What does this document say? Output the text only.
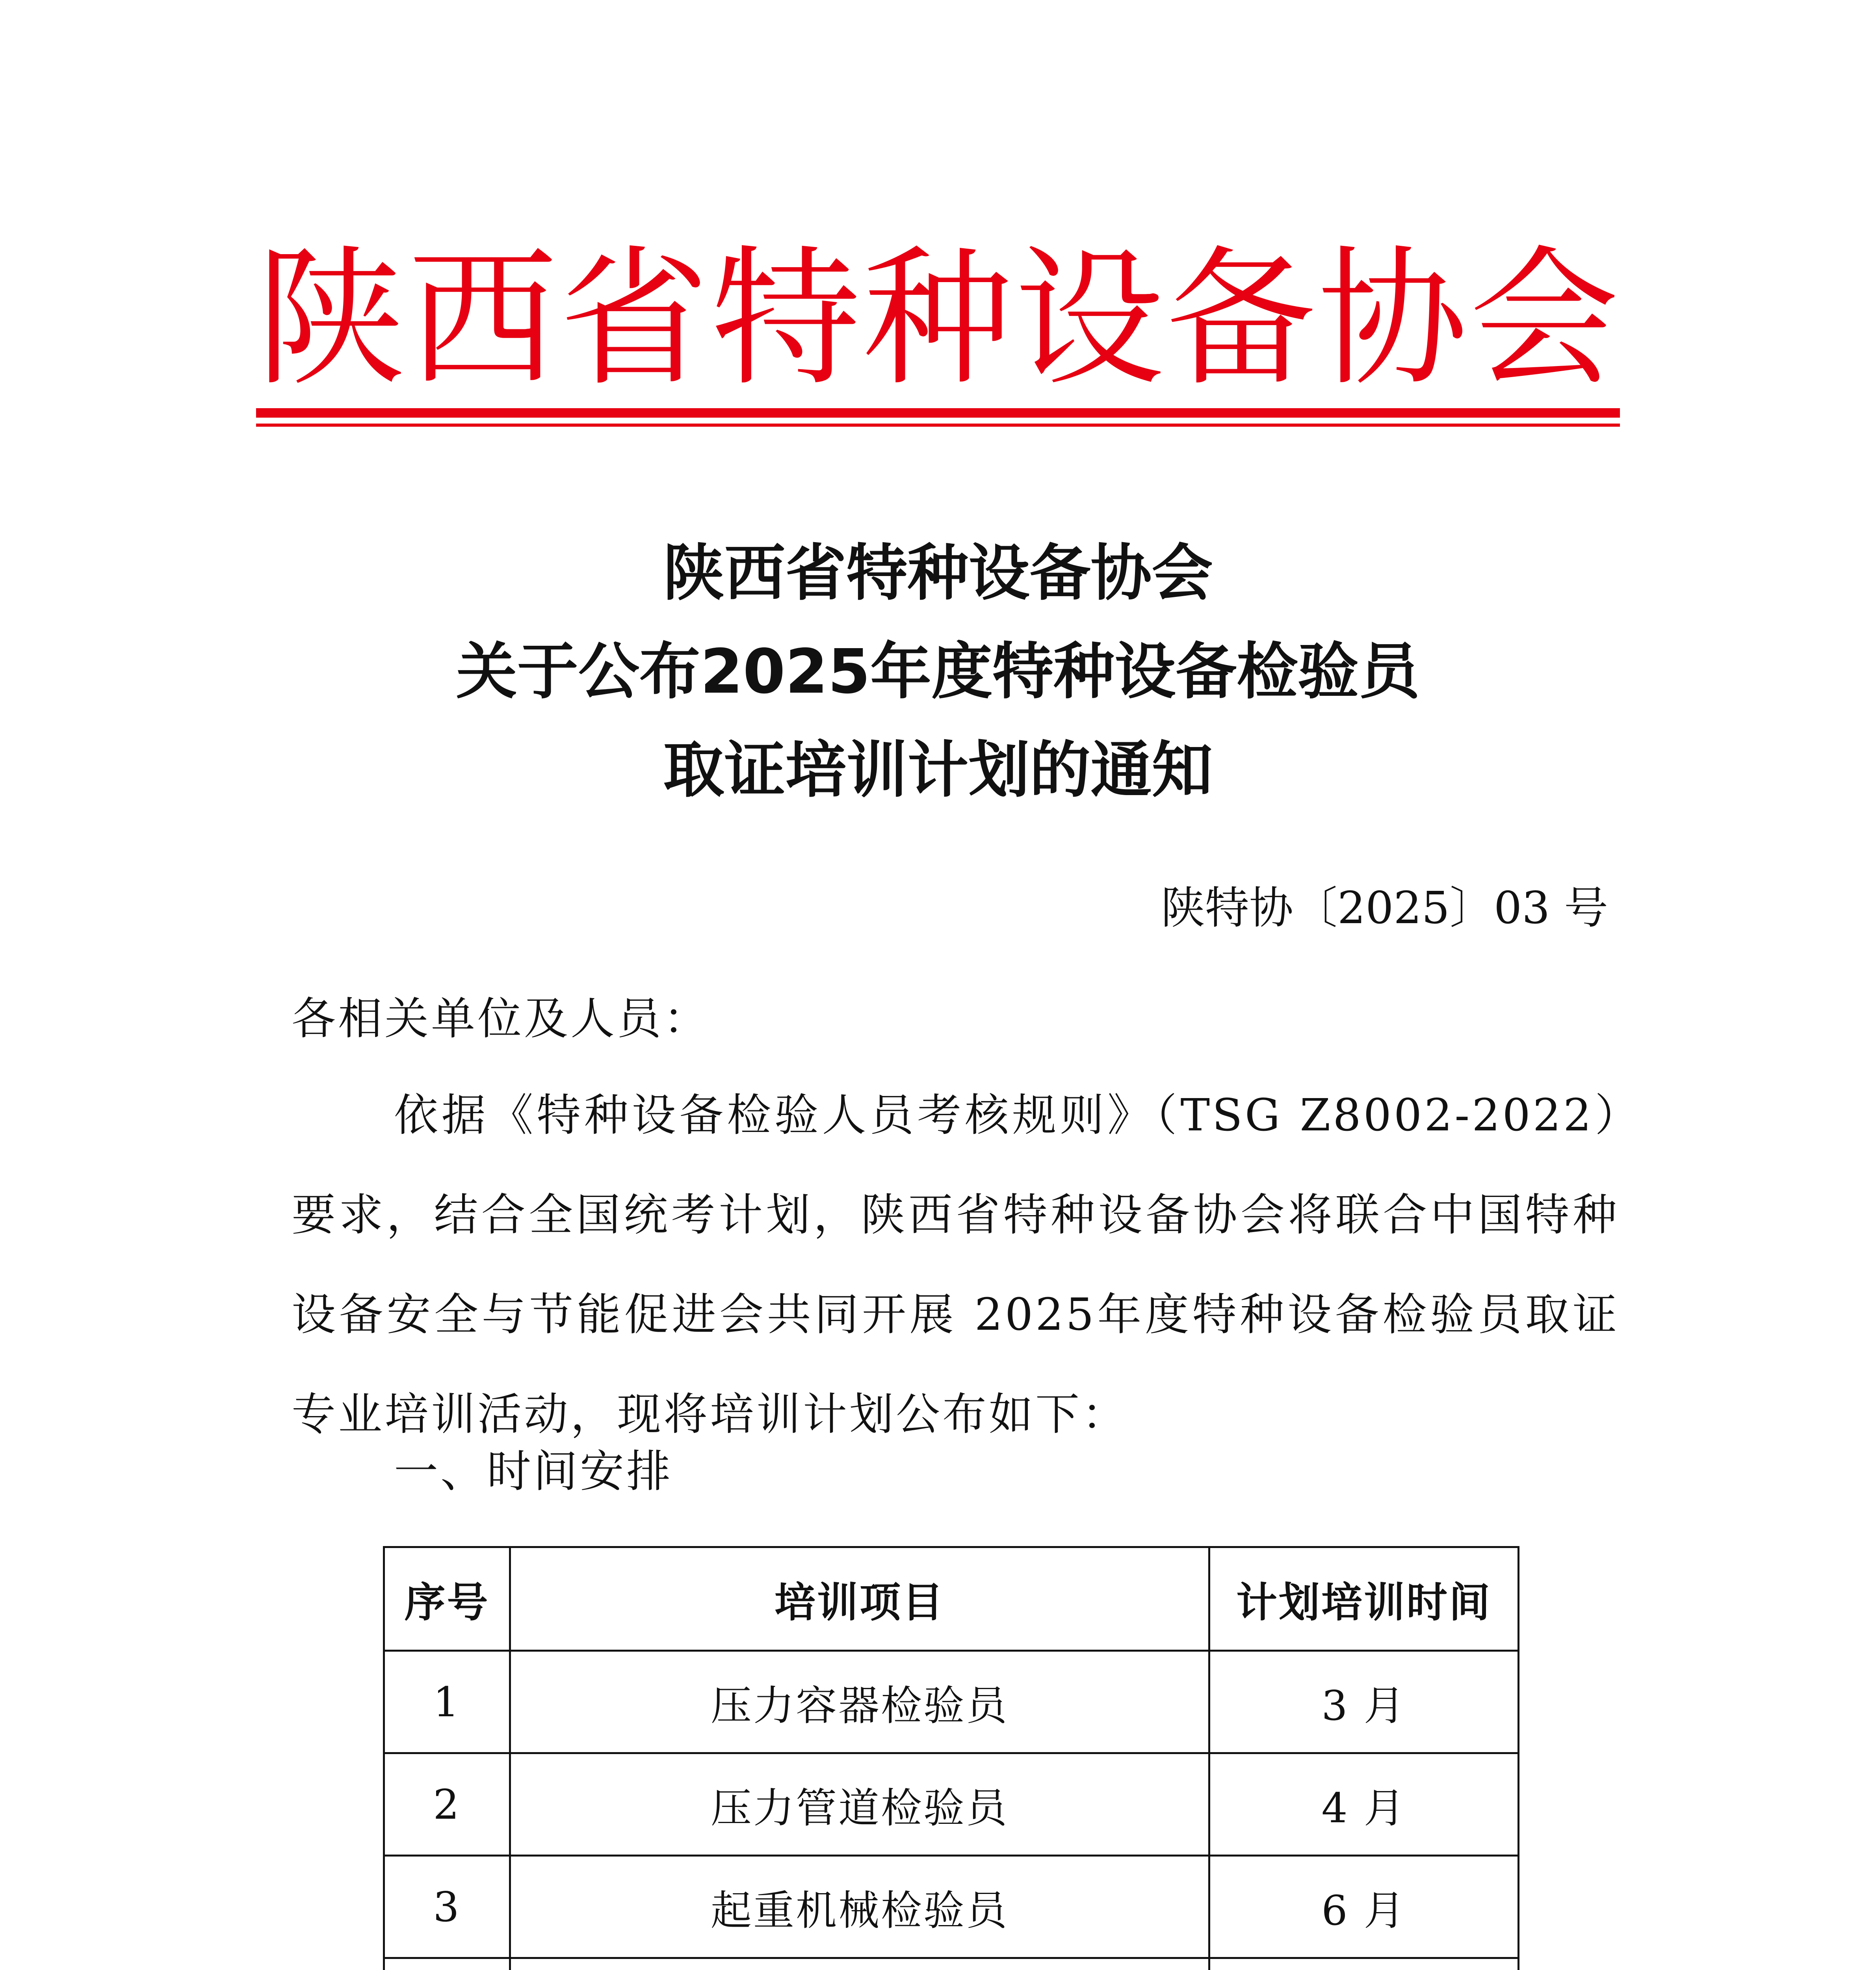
陕 西 省 特 种 设 备 协 会
陕西省特种设备协会
关于公布2025年度特种设备检验员
取证培训计划的通知
陕特协〔2025〕03 号
各相关单位及人员：
依据《特种设备检验人员考核规则》（TSG Z8002-2022）要求，结合全国统考计划，陕西省特种设备协会将联合中国特种设备安全与节能促进会共同开展 2025年度特种设备检验员取证专业培训活动，现将培训计划公布如下：
一、时间安排
序号	培训项目	计划培训时间
1	压力容器检验员	3 月
2	压力管道检验员	4 月
3	起重机械检验员	6 月
